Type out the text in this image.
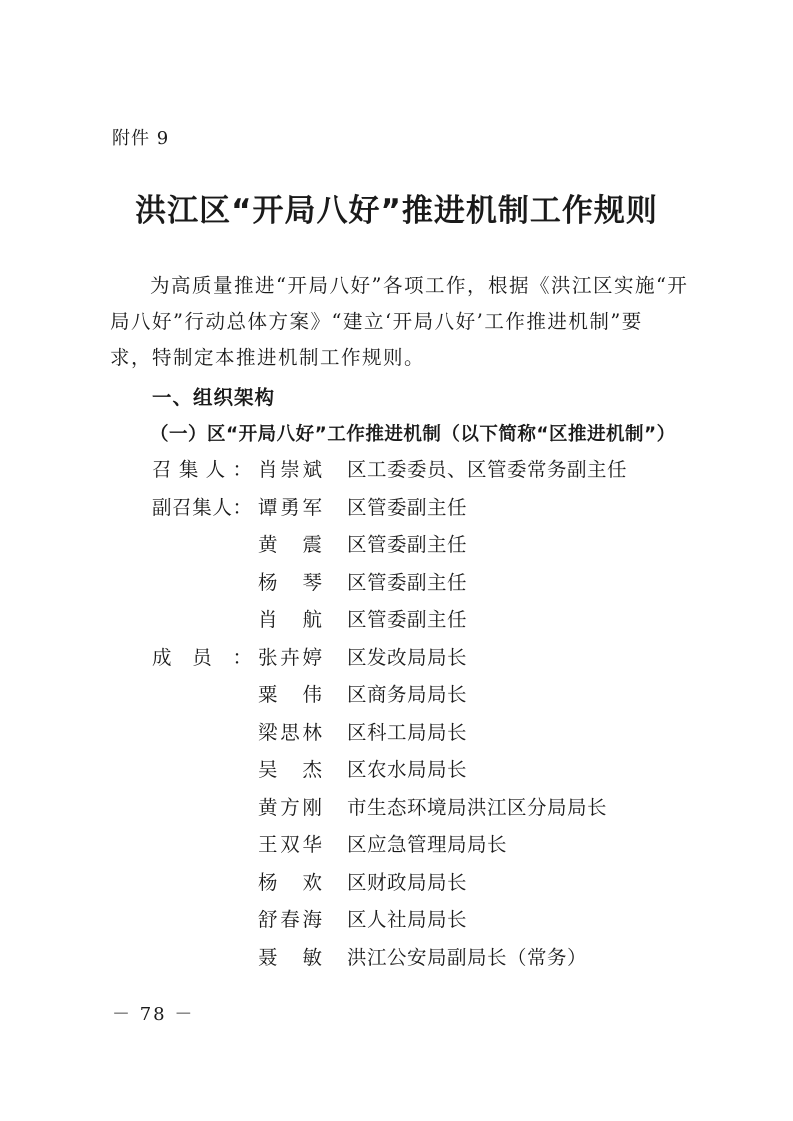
附件 9
洪江区“开局八好”推进机制工作规则
为高质量推进“开局八好”各项工作，根据《洪江区实施“开
局八好”行动总体方案》“建立‘开局八好’工作推进机制”要
求，特制定本推进机制工作规则。
一、组织架构
（一）区“开局八好”工作推进机制（以下简称“区推进机制”）
召集人： 肖崇斌 区工委委员、区管委常务副主任
副召集人： 谭勇军 区管委副主任
黄震 区管委副主任
杨琴 区管委副主任
肖航 区管委副主任
成员： 张卉婷 区发改局局长
粟伟 区商务局局长
梁思林 区科工局局长
吴杰 区农水局局长
黄方刚 市生态环境局洪江区分局局长
王双华 区应急管理局局长
杨欢 区财政局局长
舒春海 区人社局局长
聂敏 洪江公安局副局长（常务）
－ 78 －
